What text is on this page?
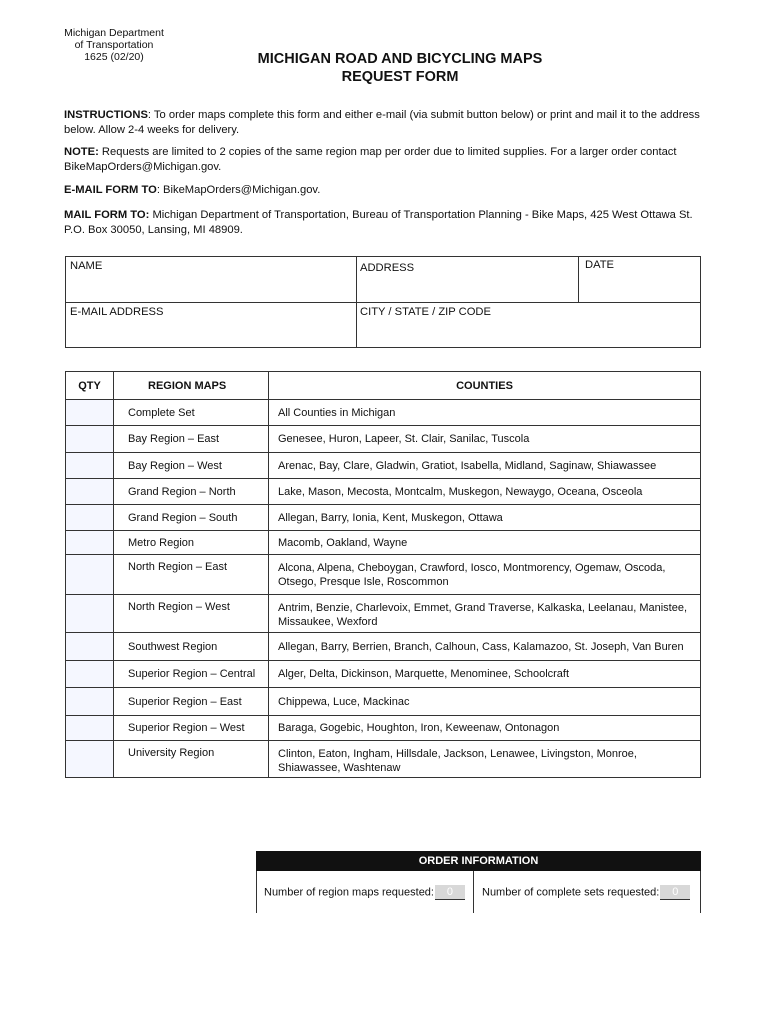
Michigan Department
of Transportation
1625 (02/20)	MICHIGAN ROAD AND BICYCLING MAPS
REQUEST FORM
INSTRUCTIONS: To order maps complete this form and either e-mail (via submit button below) or print and mail it to the address below. Allow 2-4 weeks for delivery.
NOTE: Requests are limited to 2 copies of the same region map per order due to limited supplies. For a larger order contact BikeMapOrders@Michigan.gov.
E-MAIL FORM TO: BikeMapOrders@Michigan.gov.
MAIL FORM TO: Michigan Department of Transportation, Bureau of Transportation Planning - Bike Maps, 425 West Ottawa St. P.O. Box 30050, Lansing, MI 48909.
NAME	ADDRESS	DATE
E-MAIL ADDRESS	CITY / STATE / ZIP CODE
QTY	REGION MAPS	COUNTIES
	Complete Set	All Counties in Michigan
	Bay Region – East	Genesee, Huron, Lapeer, St. Clair, Sanilac, Tuscola
	Bay Region – West	Arenac, Bay, Clare, Gladwin, Gratiot, Isabella, Midland, Saginaw, Shiawassee
	Grand Region – North	Lake, Mason, Mecosta, Montcalm, Muskegon, Newaygo, Oceana, Osceola
	Grand Region – South	Allegan, Barry, Ionia, Kent, Muskegon, Ottawa
	Metro Region	Macomb, Oakland, Wayne
	North Region – East	Alcona, Alpena, Cheboygan, Crawford, Iosco, Montmorency, Ogemaw, Oscoda, Otsego, Presque Isle, Roscommon
	North Region – West	Antrim, Benzie, Charlevoix, Emmet, Grand Traverse, Kalkaska, Leelanau, Manistee, Missaukee, Wexford
	Southwest Region	Allegan, Barry, Berrien, Branch, Calhoun, Cass, Kalamazoo, St. Joseph, Van Buren
	Superior Region – Central	Alger, Delta, Dickinson, Marquette, Menominee, Schoolcraft
	Superior Region – East	Chippewa, Luce, Mackinac
	Superior Region – West	Baraga, Gogebic, Houghton, Iron, Keweenaw, Ontonagon
	University Region	Clinton, Eaton, Ingham, Hillsdale, Jackson, Lenawee, Livingston, Monroe, Shiawassee, Washtenaw
ORDER INFORMATION
Number of region maps requested: 0	Number of complete sets requested: 0
